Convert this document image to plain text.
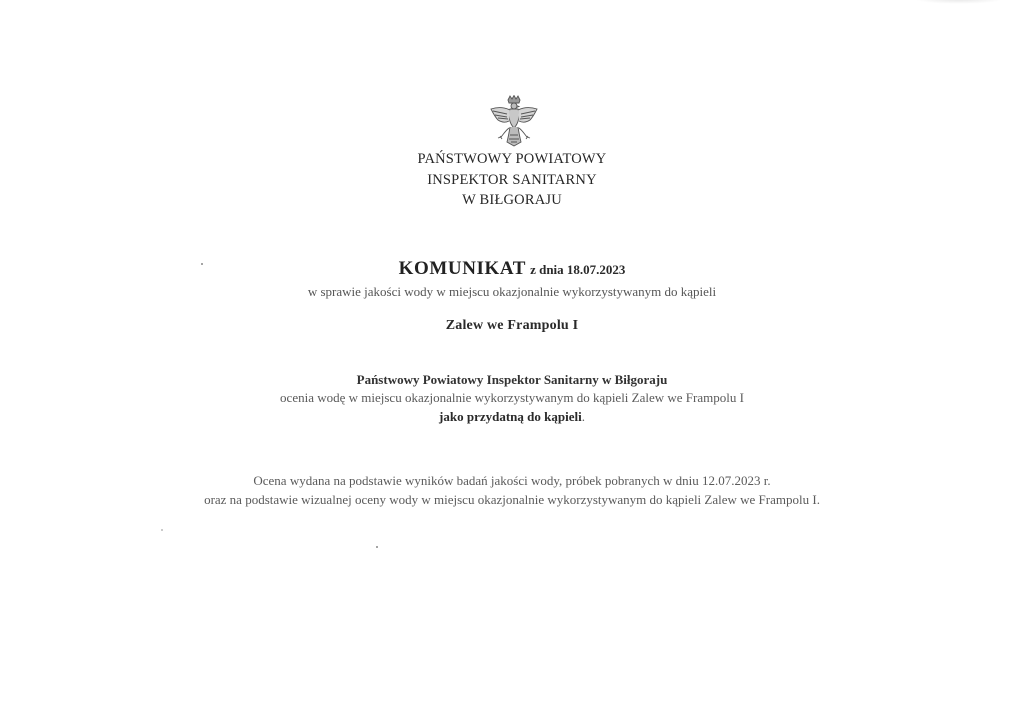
PAŃSTWOWY POWIATOWY
INSPEKTOR SANITARNY
W BIŁGORAJU
KOMUNIKAT z dnia 18.07.2023
w sprawie jakości wody w miejscu okazjonalnie wykorzystywanym do kąpieli
Zalew we Frampolu I
Państwowy Powiatowy Inspektor Sanitarny w Biłgoraju
ocenia wodę w miejscu okazjonalnie wykorzystywanym do kąpieli Zalew we Frampolu I
jako przydatną do kąpieli.
Ocena wydana na podstawie wyników badań jakości wody, próbek pobranych w dniu 12.07.2023 r.
oraz na podstawie wizualnej oceny wody w miejscu okazjonalnie wykorzystywanym do kąpieli Zalew we Frampolu I.
